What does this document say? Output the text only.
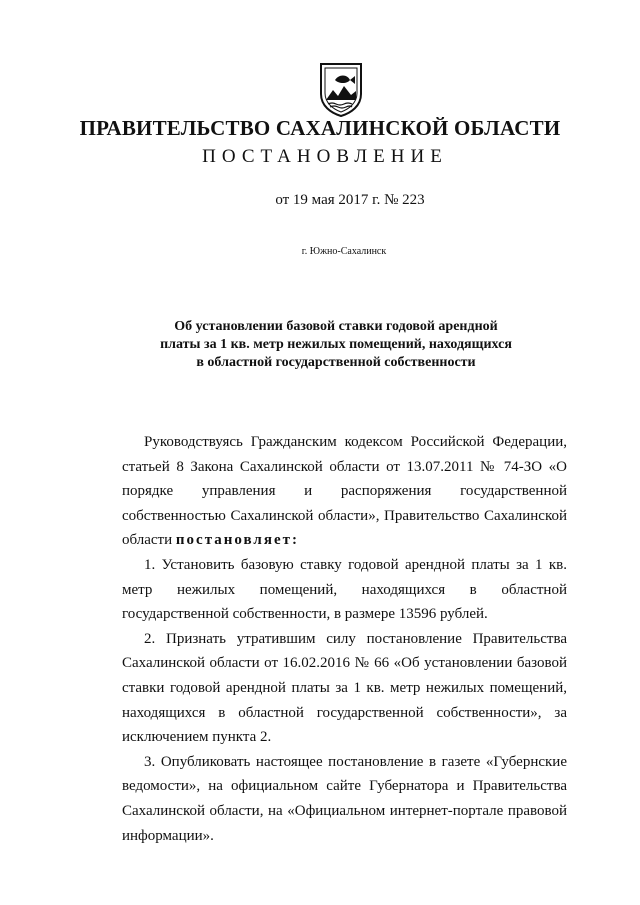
ПРАВИТЕЛЬСТВО САХАЛИНСКОЙ ОБЛАСТИ
ПОСТАНОВЛЕНИЕ
от 19 мая 2017 г. № 223
г. Южно-Сахалинск
Об установлении базовой ставки годовой арендной
платы за 1 кв. метр нежилых помещений, находящихся
в областной государственной собственности

Руководствуясь Гражданским кодексом Российской Федерации, статьей 8 Закона Сахалинской области от 13.07.2011 № 74-ЗО «О порядке управления и распоряжения государственной собственностью Сахалинской области», Правительство Сахалинской области постановляет:

1. Установить базовую ставку годовой арендной платы за 1 кв. метр нежилых помещений, находящихся в областной государственной собственности, в размере 13596 рублей.

2. Признать утратившим силу постановление Правительства Сахалинской области от 16.02.2016 № 66 «Об установлении базовой ставки годовой арендной платы за 1 кв. метр нежилых помещений, находящихся в областной государственной собственности», за исключением пункта 2.

3. Опубликовать настоящее постановление в газете «Губернские ведомости», на официальном сайте Губернатора и Правительства Сахалинской области, на «Официальном интернет-портале правовой информации».
